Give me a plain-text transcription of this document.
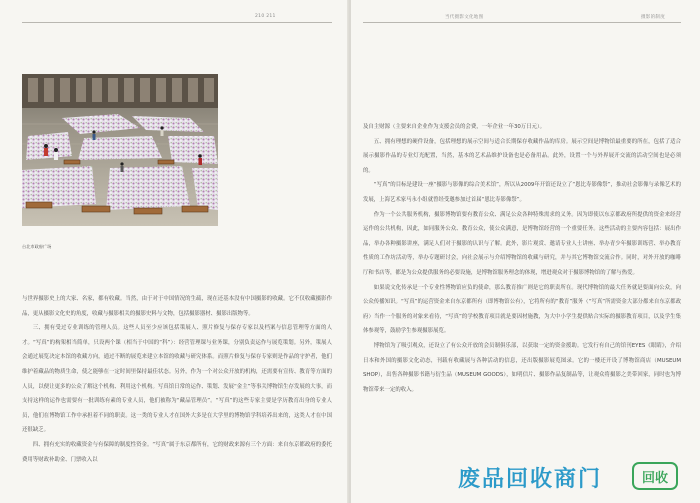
210 211
台北市政府广场

与世界摄影史上的大家、名家，都有收藏。当然，由于对于中国情况的生疏，现在还基本没有中国摄影的收藏。它不仅收藏摄影作品，更从摄影文化史的角度，收藏与摄影相关的摄影史料与文物，包括摄影器材、摄影出版物等。

三、拥有受过专业训练的管理人员。这些人员至少应该包括策展人、照片修复与保存专家以及档案与信息管理等方面的人才。“写真”的构架相当简单，只设两个课（相当于中国的“科”）：经营管理课与业务课，分别负责运作与展览策划。另外，策展人会通过展览决定本馆的收藏方向，通过不断的展览来建立本馆的收藏与研究体系。而照片修复与保存专家则是作品的守护者，他们维护着藏品的物质生命，使之能够在一定时间里保持最佳状态。另外，作为一个对公众开放的机构，还需要有宣传、教育等方面的人员，以便让更多的公众了解这个机构、利用这个机构。写真馆日常的运作、策划、发展“金主”等事关博物馆生存发展的大事，而支持这样的运作也需要有一批训练有素的专业人员，他们被称为“藏品管理员”。“写真”的这些专家主要是学历教育出身的专业人员，他们在博物馆工作中承担着不同的职责。这一类的专业人才在国外大多是在大学里的博物馆学科培养出来的，这类人才在中国还很缺乏。

四、拥有充实的收藏资金与有保障的制度性资金。“写真”属于东京都所有，它的财政来源有三个方面：来自东京都政府的委托费用等财政补助金、门票收入以

当代摄影文化地图	摄影的制度

及自主财源（主要来自企业作为支援会员的会费，一年企业一年30万日元）。

五、拥有理想的硬件设备，包括理想的展示空间与适合长期保存收藏作品的库房。展示空间是博物馆最重要的所在，包括了适合展示摄影作品的专业灯光配置，当然，基本的艺术品维护设备也是必备用品。此外，设置一个与外界展开交流的活动空间也是必须的。

“写真”的目标是建设一座“摄影与影像的综合美术馆”，所以从2009年开馆还设立了“恩比寿影像祭”，推动社会影像与录像艺术的发展，上海艺术家马永小组就曾经受邀参加过首届“恩比寿影像祭”。

作为一个公共服务机构，摄影博物馆要有教育公众、满足公众各种特殊需求的义务。因为即使以东京都政府所提供的资金来经营运作的公共机构，因此，如同服务公众、教育公众，使公众满意，是博物馆经营的一个重要任务。这些活动的主要内容包括：展出作品，举办各种摄影讲座，满足人们对于摄影的认识与了解。此外，影片观赏、邀请专业人士讲座、举办青少年摄影训练营、举办教育性质的工作坊活动等，举办专题研讨会，向社会展示与介绍博物馆的收藏与研究，并与其它博物馆交流合作。同时，对外开放的咖啡厅和书店等，都是为公众提供服务的必要设施，是博物馆服务理念的体现，增进观众对于摄影博物馆的了解与热爱。

如果说文化传承是一个专业性博物馆应负的使命，那么教育推广则是它的职责所在。现代博物馆的最大任务就是要面向公众，向公众传播知识。“写真”的运营资金来自东京都所有（即博物馆公有），它将所有的“教育”服务（“写真”所需资金大部分都来自东京都政府）当作一个服务的对象来看待，“写真”的学校教育项目就是要因材施教，为大中小学生提供贴合实际的摄影教育项目，以及学生集体参观等，鼓励学生参观摄影展览。

博物馆为了吸引观众，还设立了有公众开放的会员制俱乐部，以获取一定的资金援助。它发行有自己的馆刊EYES《眼睛》，介绍日本和外国的摄影文化动态，刊载有收藏展与各种活动的信息，还出版摄影展览图录。它的一楼还开设了博物馆商店（MUSEUM SHOP），出售各种摄影书籍与衍生品（MUSEUM GOODS），如明信片、摄影作品复制品等，让观众将摄影之美带回家，同时也为博物馆带来一定的收入。

废品回收商门	回收
